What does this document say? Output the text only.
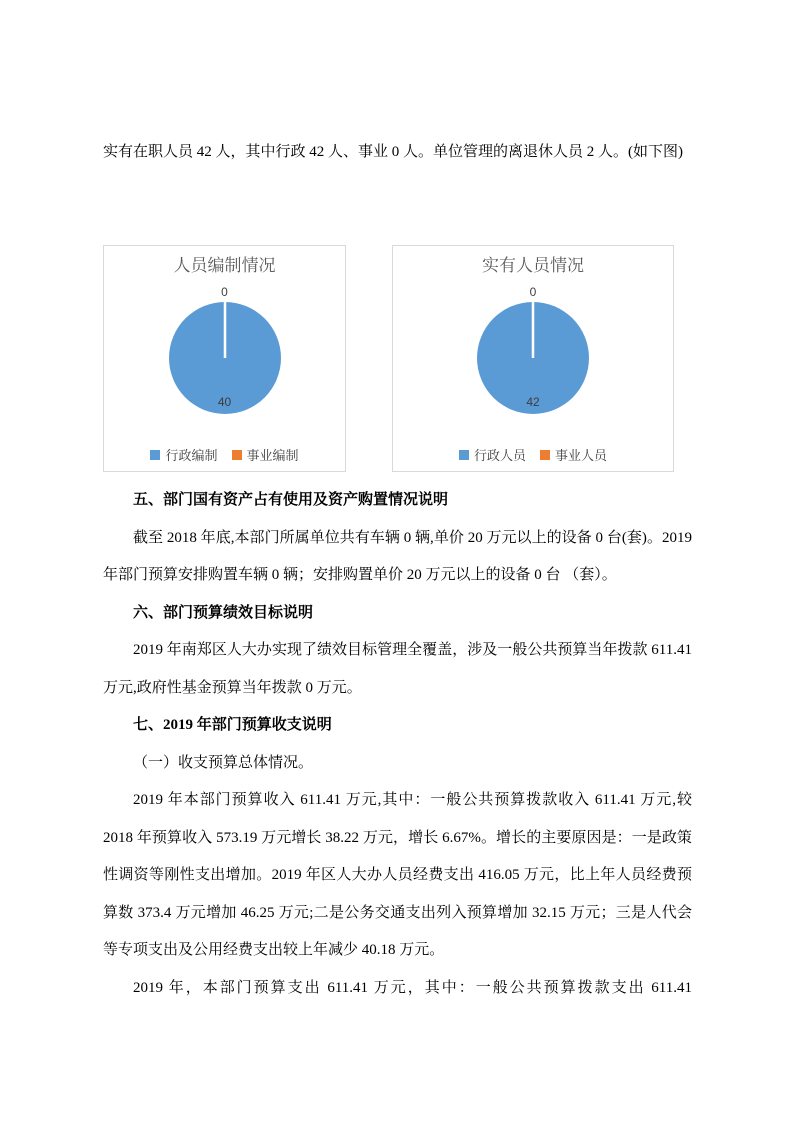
实有在职人员 42 人，其中行政 42 人、事业 0 人。单位管理的离退休人员 2 人。(如下图)

人员编制情况
0
40
行政编制 事业编制
实有人员情况
0
42
行政人员 事业人员

五、部门国有资产占有使用及资产购置情况说明

截至 2018 年底,本部门所属单位共有车辆 0 辆,单价 20 万元以上的设备 0 台(套)。2019 年部门预算安排购置车辆 0 辆；安排购置单价 20 万元以上的设备 0 台 （套）。

六、部门预算绩效目标说明

2019 年南郑区人大办实现了绩效目标管理全覆盖，涉及一般公共预算当年拨款 611.41 万元,政府性基金预算当年拨款 0 万元。

七、2019 年部门预算收支说明

（一）收支预算总体情况。

2019 年本部门预算收入 611.41 万元,其中：一般公共预算拨款收入 611.41 万元,较 2018 年预算收入 573.19 万元增长 38.22 万元，增长 6.67%。增长的主要原因是：一是政策性调资等刚性支出增加。2019 年区人大办人员经费支出 416.05 万元，比上年人员经费预算数 373.4 万元增加 46.25 万元;二是公务交通支出列入预算增加 32.15 万元；三是人代会等专项支出及公用经费支出较上年减少 40.18 万元。

2019 年，本部门预算支出 611.41 万元，其中：一般公共预算拨款支出 611.41
